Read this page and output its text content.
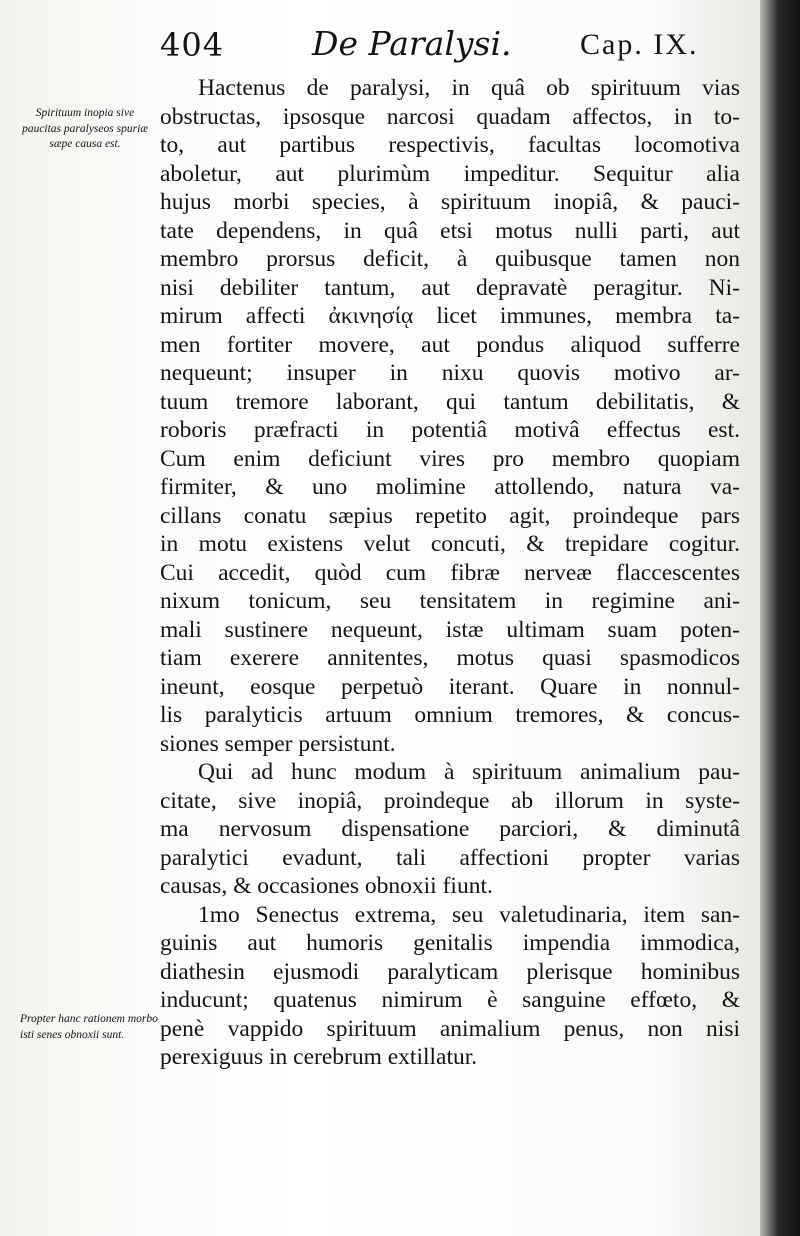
404	De Paralysi. Cap. IX.
Spirituum inopia sive paucitas paralyseos spuriæ sæpe causa est.
Propter hanc rationem morbo isti senes obnoxii sunt.
Hactenus de paralysi, in quâ ob spirituum vias
obstructas, ipsosque narcosi quadam affectos, in to-
to, aut partibus respectivis, facultas locomotiva
aboletur, aut plurimùm impeditur. Sequitur alia
hujus morbi species, à spirituum inopiâ, & pauci-
tate dependens, in quâ etsi motus nulli parti, aut
membro prorsus deficit, à quibusque tamen non
nisi debiliter tantum, aut depravatè peragitur. Ni-
mirum affecti ἀκινησίᾳ licet immunes, membra ta-
men fortiter movere, aut pondus aliquod sufferre
nequeunt; insuper in nixu quovis motivo ar-
tuum tremore laborant, qui tantum debilitatis, &
roboris præfracti in potentiâ motivâ effectus est.
Cum enim deficiunt vires pro membro quopiam
firmiter, & uno molimine attollendo, natura va-
cillans conatu sæpius repetito agit, proindeque pars
in motu existens velut concuti, & trepidare cogitur.
Cui accedit, quòd cum fibræ nerveæ flaccescentes
nixum tonicum, seu tensitatem in regimine ani-
mali sustinere nequeunt, istæ ultimam suam poten-
tiam exerere annitentes, motus quasi spasmodicos
ineunt, eosque perpetuò iterant. Quare in nonnul-
lis paralyticis artuum omnium tremores, & concus-
siones semper persistunt.
Qui ad hunc modum à spirituum animalium pau-
citate, sive inopiâ, proindeque ab illorum in syste-
ma nervosum dispensatione parciori, & diminutâ
paralytici evadunt, tali affectioni propter varias
causas, & occasiones obnoxii fiunt.
1mo Senectus extrema, seu valetudinaria, item san-
guinis aut humoris genitalis impendia immodica,
diathesin ejusmodi paralyticam plerisque hominibus
inducunt; quatenus nimirum è sanguine effœto, &
penè vappido spirituum animalium penus, non nisi
perexiguus in cerebrum extillatur.
